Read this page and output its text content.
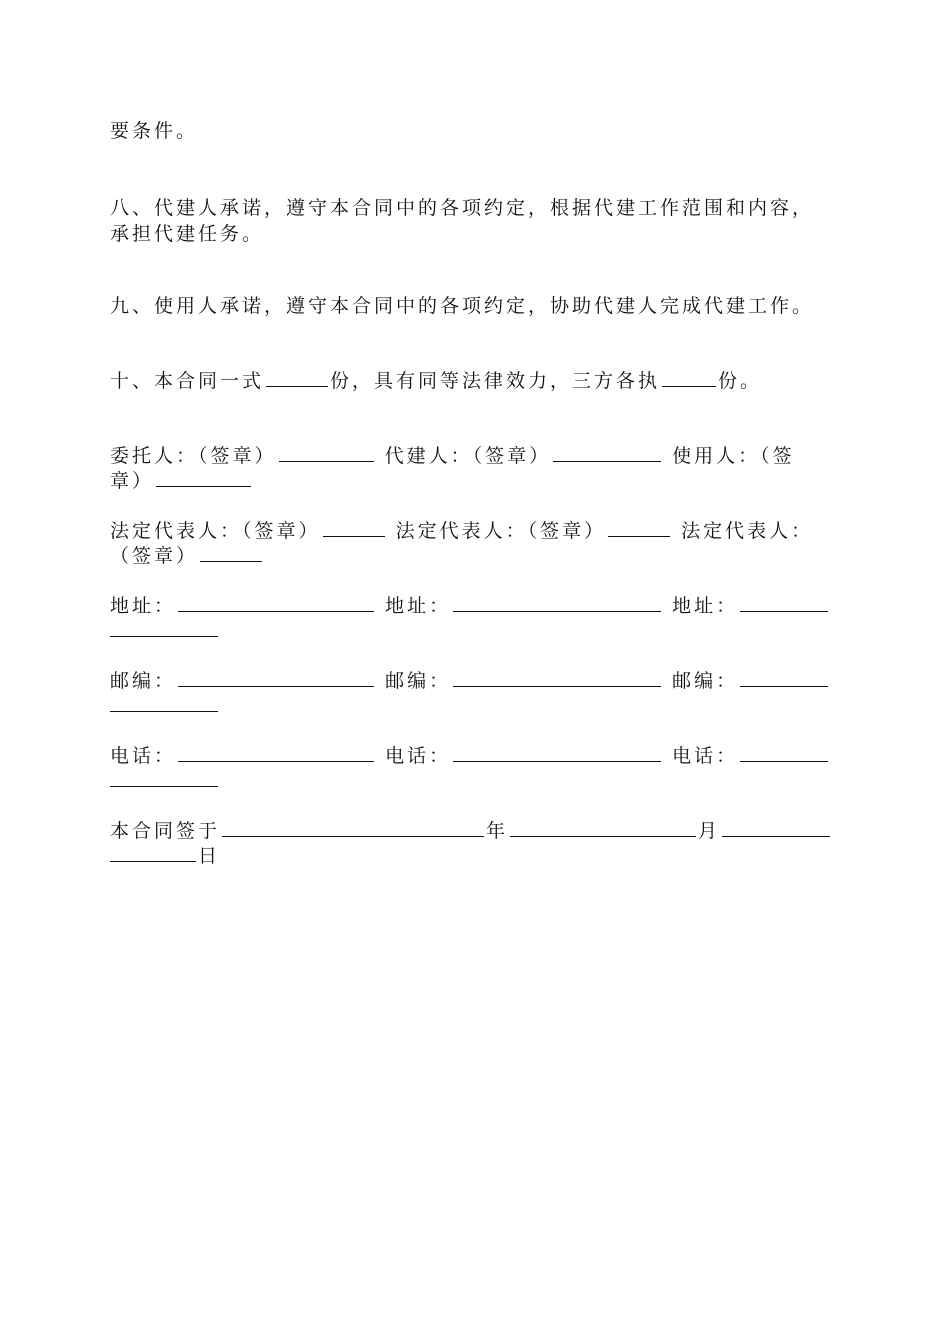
要条件。
八、代建人承诺，遵守本合同中的各项约定，根据代建工作范围和内容，
承担代建任务。
九、使用人承诺，遵守本合同中的各项约定，协助代建人完成代建工作。
十、本合同一式	份，具有同等法律效力，三方各执	份。
委托人：（签章）	代建人：（签章）	使用人：（签
章）
法定代表人：（签章）	法定代表人：（签章）	法定代表人：
（签章）
地址：	地址：	地址：
邮编：	邮编：	邮编：
电话：	电话：	电话：
本合同签于	年	月
日
